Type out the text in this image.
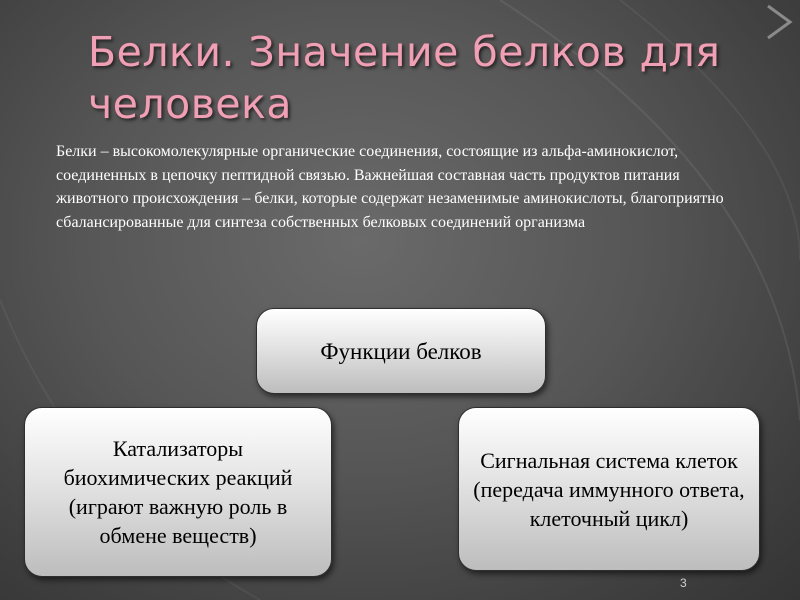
Белки. Значение белков для человека

Белки – высокомолекулярные органические соединения, состоящие из альфа-аминокислот, соединенных в цепочку пептидной связью. Важнейшая составная часть продуктов питания животного происхождения – белки, которые содержат незаменимые аминокислоты, благоприятно сбалансированные для синтеза собственных белковых соединений организма

Функции белков
Катализаторы биохимических реакций (играют важную роль в обмене веществ)
Сигнальная система клеток (передача иммунного ответа, клеточный цикл)
3
